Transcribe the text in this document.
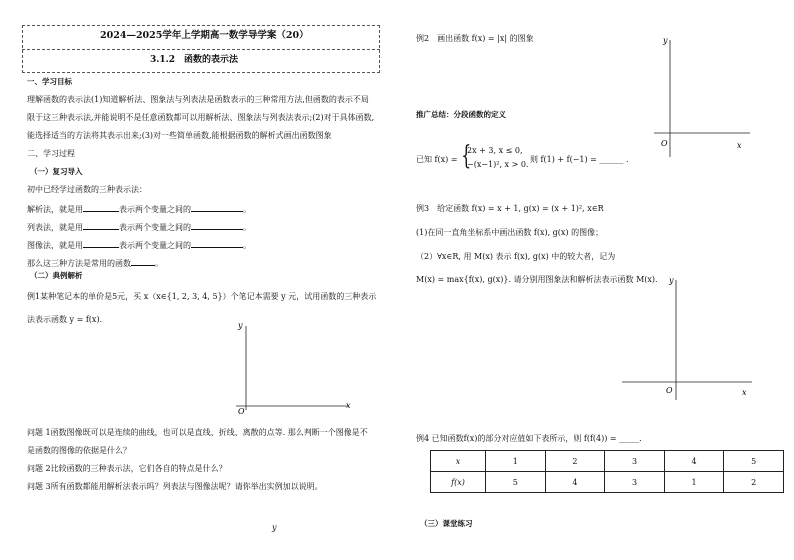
2024—2025学年上学期高一数学导学案（20）
3.1.2　函数的表示法
一、学习目标
理解函数的表示法(1)知道解析法、图象法与列表法是函数表示的三种常用方法,但函数的表示不局
限于这三种表示法,并能说明不是任意函数都可以用解析法、图象法与列表法表示;(2)对于具体函数,
能选择适当的方法将其表示出来;(3)对一些简单函数,能根据函数的解析式画出函数图象
二、学习过程
（一）复习导入
初中已经学过函数的三种表示法：
解析法，就是用	表示两个变量之间的	。
列表法，就是用	表示两个变量之间的	。
图像法，就是用	表示两个变量之间的	。
那么这三种方法是常用的函数	。
（二）典例解析
例1某种笔记本的单价是5元，买 x（x∈{1, 2, 3, 4, 5}）个笔记本需要 y 元，试用函数的三种表示
法表示函数 y = f(x)．
y
x
O
问题 1函数图像既可以是连续的曲线，也可以是直线、折线、离散的点等. 那么判断一个图像是不
是函数的图像的依据是什么？
问题 2比较函数的三种表示法，它们各自的特点是什么？
问题 3所有函数都能用解析法表示吗？列表法与图像法呢？请你举出实例加以说明。
y
例2　画出函数 f(x) = |x| 的图象	y
x
O
推广总结：分段函数的定义
已知 f(x) = {
2x + 3, x ≤ 0,
−(x−1)², x > 0.
则 f(1) + f(−1) = ______ .
例3　给定函数 f(x) = x + 1, g(x) = (x + 1)², x∈R
(1)在同一直角坐标系中画出函数 f(x), g(x) 的图像；
（2）∀x∈R, 用 M(x) 表示 f(x), g(x) 中的较大者，记为
M(x) = max{f(x), g(x)}. 请分别用图象法和解析法表示函数 M(x). y
x
O
例4 已知函数f(x)的部分对应值如下表所示，则 f(f(4)) = _____.
x	1	2	3	4	5
f(x)	5	4	3	1	2
（三）课堂练习
